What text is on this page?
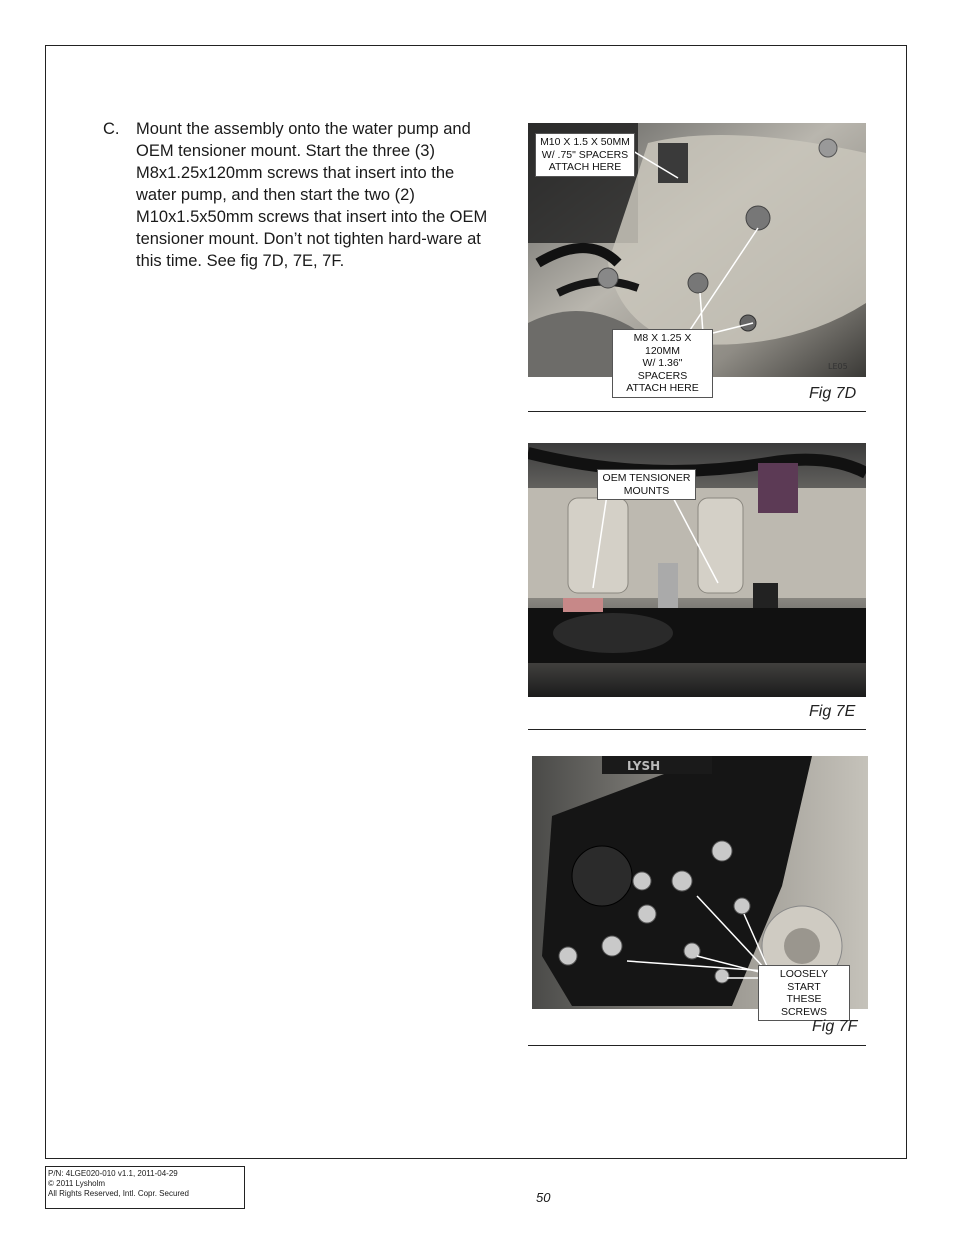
C. Mount the assembly onto the water pump and OEM tensioner mount. Start the three (3) M8x1.25x120mm screws that insert into the water pump, and then start the two (2) M10x1.5x50mm screws that insert into the OEM tensioner mount. Don’t not tighten hard-ware at this time. See fig 7D, 7E, 7F.
LE05
M10 X 1.5 X 50MM
W/ .75" SPACERS
ATTACH HERE
M8 X 1.25 X 120MM
W/ 1.36" SPACERS
ATTACH HERE	Fig 7D
OEM TENSIONER
MOUNTS
Fig 7E
LYSH
LOOSELY START
THESE SCREWS
Fig 7F
P/N: 4LGE020-010 v1.1, 2011-04-29
© 2011 Lysholm
All Rights Reserved, Intl. Copr. Secured	50
